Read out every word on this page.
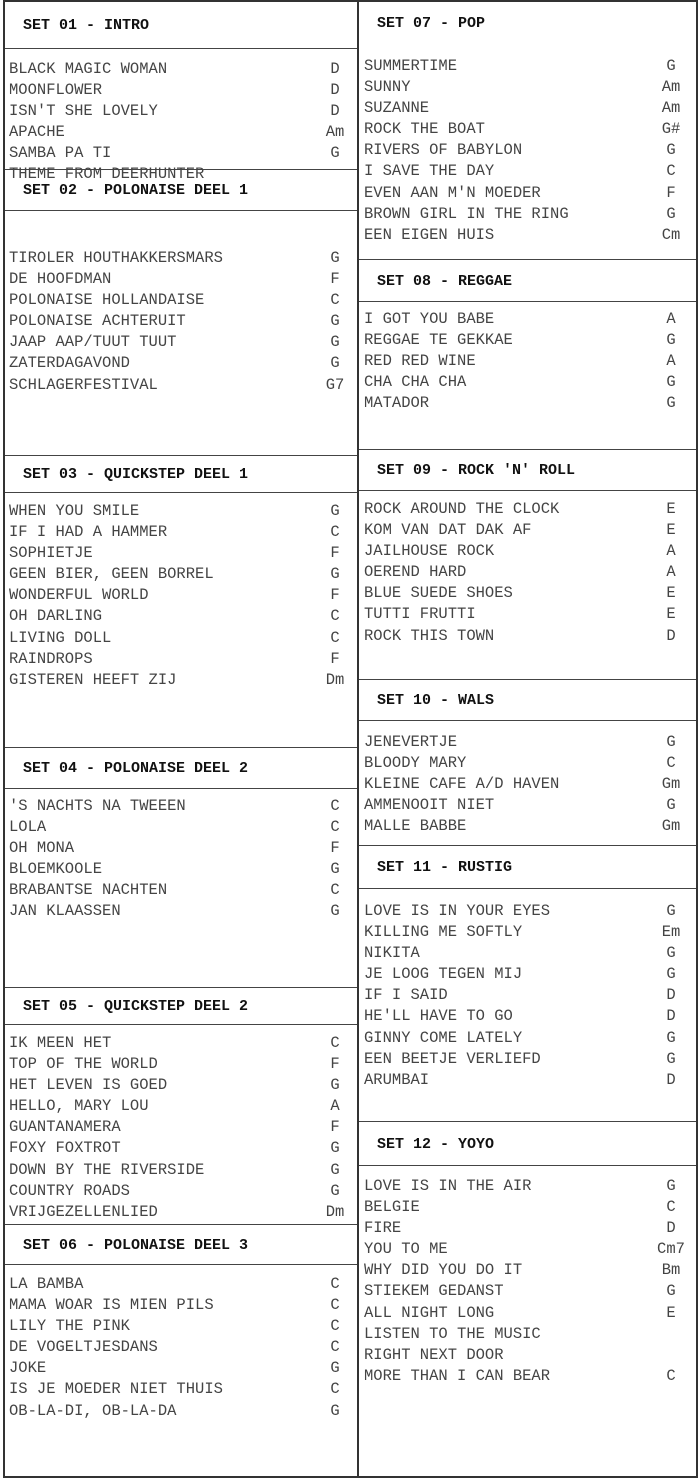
SET 01 - INTRO
BLACK MAGIC WOMAN	D
MOONFLOWER	D
ISN'T SHE LOVELY	D
APACHE	Am
SAMBA PA TI	G
THEME FROM DEERHUNTER
SET 02 - POLONAISE DEEL 1
TIROLER HOUTHAKKERSMARS	G
DE HOOFDMAN	F
POLONAISE HOLLANDAISE	C
POLONAISE ACHTERUIT	G
JAAP AAP/TUUT TUUT	G
ZATERDAGAVOND	G
SCHLAGERFESTIVAL	G7
SET 03 - QUICKSTEP DEEL 1
WHEN YOU SMILE	G
IF I HAD A HAMMER	C
SOPHIETJE	F
GEEN BIER, GEEN BORREL	G
WONDERFUL WORLD	F
OH DARLING	C
LIVING DOLL	C
RAINDROPS	F
GISTEREN HEEFT ZIJ	Dm
SET 04 - POLONAISE DEEL 2
'S NACHTS NA TWEEEN	C
LOLA	C
OH MONA	F
BLOEMKOOLE	G
BRABANTSE NACHTEN	C
JAN KLAASSEN	G
SET 05 - QUICKSTEP DEEL 2
IK MEEN HET	C
TOP OF THE WORLD	F
HET LEVEN IS GOED	G
HELLO, MARY LOU	A
GUANTANAMERA	F
FOXY FOXTROT	G
DOWN BY THE RIVERSIDE	G
COUNTRY ROADS	G
VRIJGEZELLENLIED	Dm
SET 06 - POLONAISE DEEL 3
LA BAMBA	C
MAMA WOAR IS MIEN PILS	C
LILY THE PINK	C
DE VOGELTJESDANS	C
JOKE	G
IS JE MOEDER NIET THUIS	C
OB-LA-DI, OB-LA-DA	G
SET 07 - POP
SUMMERTIME	G
SUNNY	Am
SUZANNE	Am
ROCK THE BOAT	G#
RIVERS OF BABYLON	G
I SAVE THE DAY	C
EVEN AAN M'N MOEDER	F
BROWN GIRL IN THE RING	G
EEN EIGEN HUIS	Cm
SET 08 - REGGAE
I GOT YOU BABE	A
REGGAE TE GEKKAE	G
RED RED WINE	A
CHA CHA CHA	G
MATADOR	G
SET 09 - ROCK 'N' ROLL
ROCK AROUND THE CLOCK	E
KOM VAN DAT DAK AF	E
JAILHOUSE ROCK	A
OEREND HARD	A
BLUE SUEDE SHOES	E
TUTTI FRUTTI	E
ROCK THIS TOWN	D
SET 10 - WALS
JENEVERTJE	G
BLOODY MARY	C
KLEINE CAFE A/D HAVEN	Gm
AMMENOOIT NIET	G
MALLE BABBE	Gm
SET 11 - RUSTIG
LOVE IS IN YOUR EYES	G
KILLING ME SOFTLY	Em
NIKITA	G
JE LOOG TEGEN MIJ	G
IF I SAID	D
HE'LL HAVE TO GO	D
GINNY COME LATELY	G
EEN BEETJE VERLIEFD	G
ARUMBAI	D
SET 12 - YOYO
LOVE IS IN THE AIR	G
BELGIE	C
FIRE	D
YOU TO ME	Cm7
WHY DID YOU DO IT	Bm
STIEKEM GEDANST	G
ALL NIGHT LONG	E
LISTEN TO THE MUSIC
RIGHT NEXT DOOR
MORE THAN I CAN BEAR	C
